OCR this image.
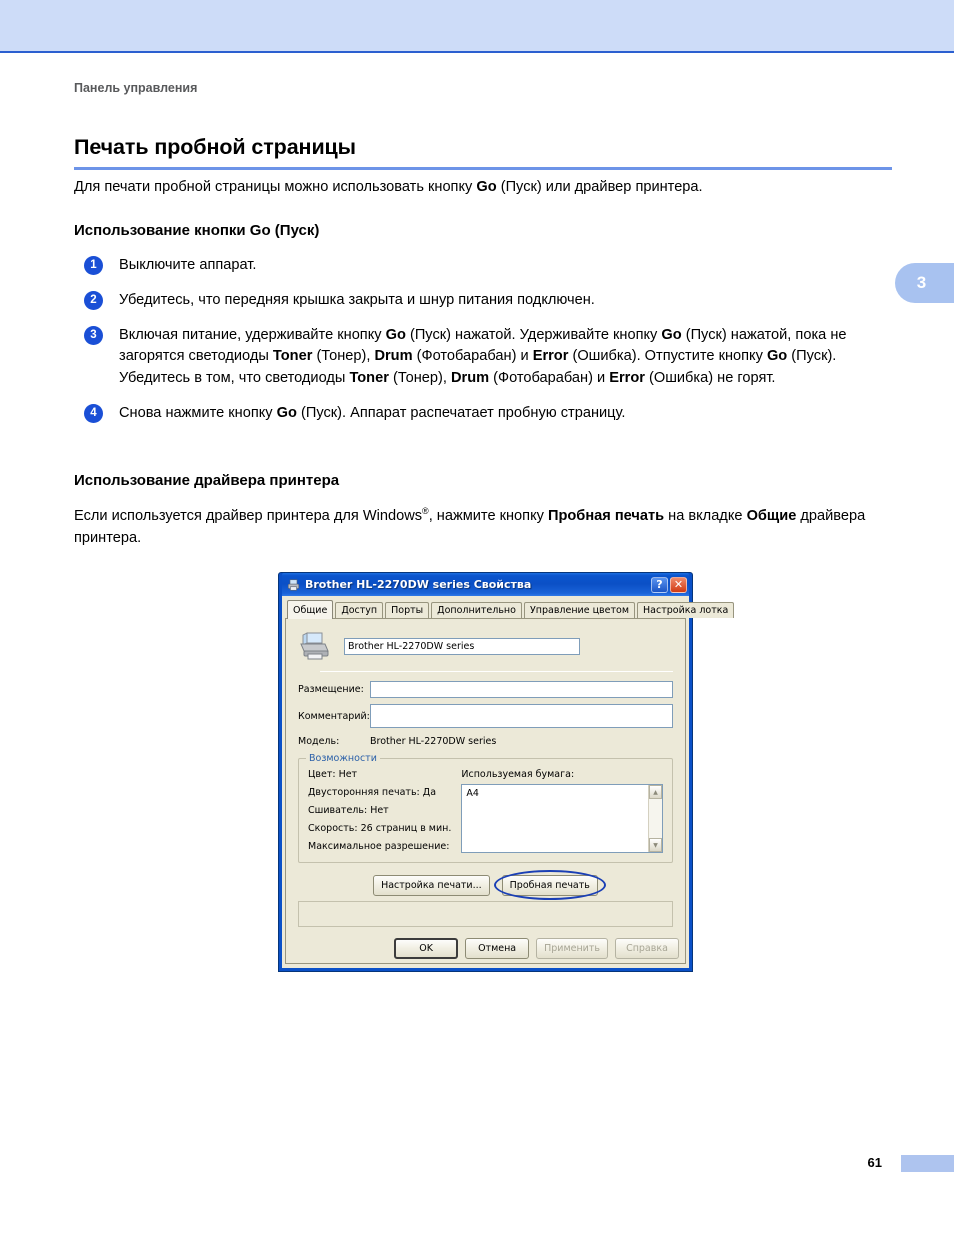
3
61
Панель управления
Печать пробной страницы
Для печати пробной страницы можно использовать кнопку Go (Пуск) или драйвер принтера.
Использование кнопки Go (Пуск)
1	Выключите аппарат.
2	Убедитесь, что передняя крышка закрыта и шнур питания подключен.
3	Включая питание, удерживайте кнопку Go (Пуск) нажатой. Удерживайте кнопку Go (Пуск) нажатой, пока не загорятся светодиоды Toner (Тонер), Drum (Фотобарабан) и Error (Ошибка). Отпустите кнопку Go (Пуск). Убедитесь в том, что светодиоды Toner (Тонер), Drum (Фотобарабан) и Error (Ошибка) не горят.
4	Снова нажмите кнопку Go (Пуск). Аппарат распечатает пробную страницу.
Использование драйвера принтера
Если используется драйвер принтера для Windows®, нажмите кнопку Пробная печать на вкладке Общие драйвера принтера.
Brother HL-2270DW series Свойства	?	✕
Общие	Доступ	Порты	Дополнительно	Управление цветом	Настройка лотка
Brother HL-2270DW series
Размещение:
Комментарий:
Модель:	Brother HL-2270DW series
Возможности
Цвет: Нет
Двусторонняя печать: Да
Сшиватель: Нет
Скорость: 26 страниц в мин.
Максимальное разрешение:
Используемая бумага:
A4	▲
▼
Настройка печати...	Пробная печать
OK	Отмена	Применить	Справка
